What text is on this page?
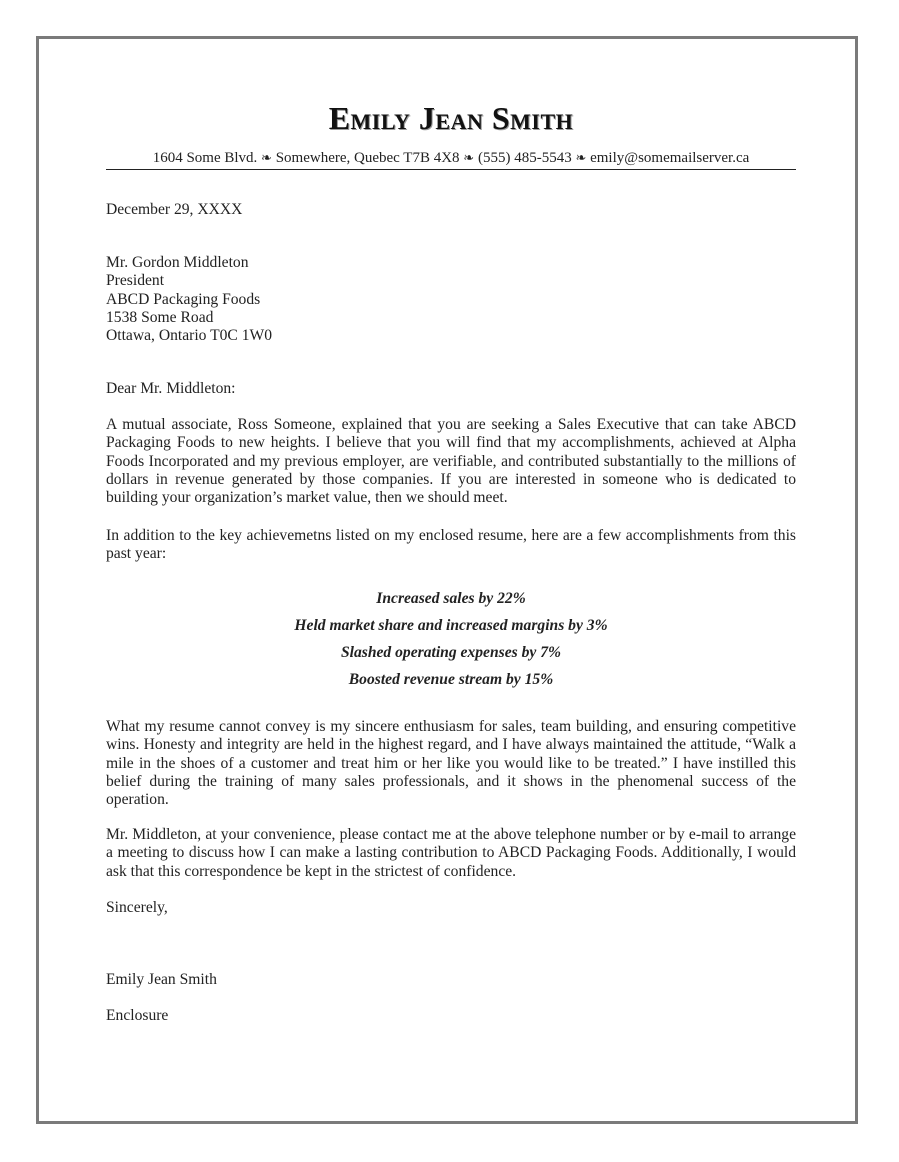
Emily Jean Smith
1604 Some Blvd. ❧ Somewhere, Quebec T7B 4X8 ❧ (555) 485-5543 ❧ emily@somemailserver.ca
December 29, XXXX
Mr. Gordon Middleton
President
ABCD Packaging Foods
1538 Some Road
Ottawa, Ontario T0C 1W0
Dear Mr. Middleton:

A mutual associate, Ross Someone, explained that you are seeking a Sales Executive that can take ABCD Packaging Foods to new heights. I believe that you will find that my accomplishments, achieved at Alpha Foods Incorporated and my previous employer, are verifiable, and contributed substantially to the millions of dollars in revenue generated by those companies. If you are interested in someone who is dedicated to building your organization’s market value, then we should meet.

In addition to the key achievemetns listed on my enclosed resume, here are a few accomplishments from this past year:

Increased sales by 22%
Held market share and increased margins by 3%
Slashed operating expenses by 7%
Boosted revenue stream by 15%

What my resume cannot convey is my sincere enthusiasm for sales, team building, and ensuring competitive wins. Honesty and integrity are held in the highest regard, and I have always maintained the attitude, “Walk a mile in the shoes of a customer and treat him or her like you would like to be treated.” I have instilled this belief during the training of many sales professionals, and it shows in the phenomenal success of the operation.

Mr. Middleton, at your convenience, please contact me at the above telephone number or by e-mail to arrange a meeting to discuss how I can make a lasting contribution to ABCD Packaging Foods. Additionally, I would ask that this correspondence be kept in the strictest of confidence.

Sincerely,
Emily Jean Smith
Enclosure
